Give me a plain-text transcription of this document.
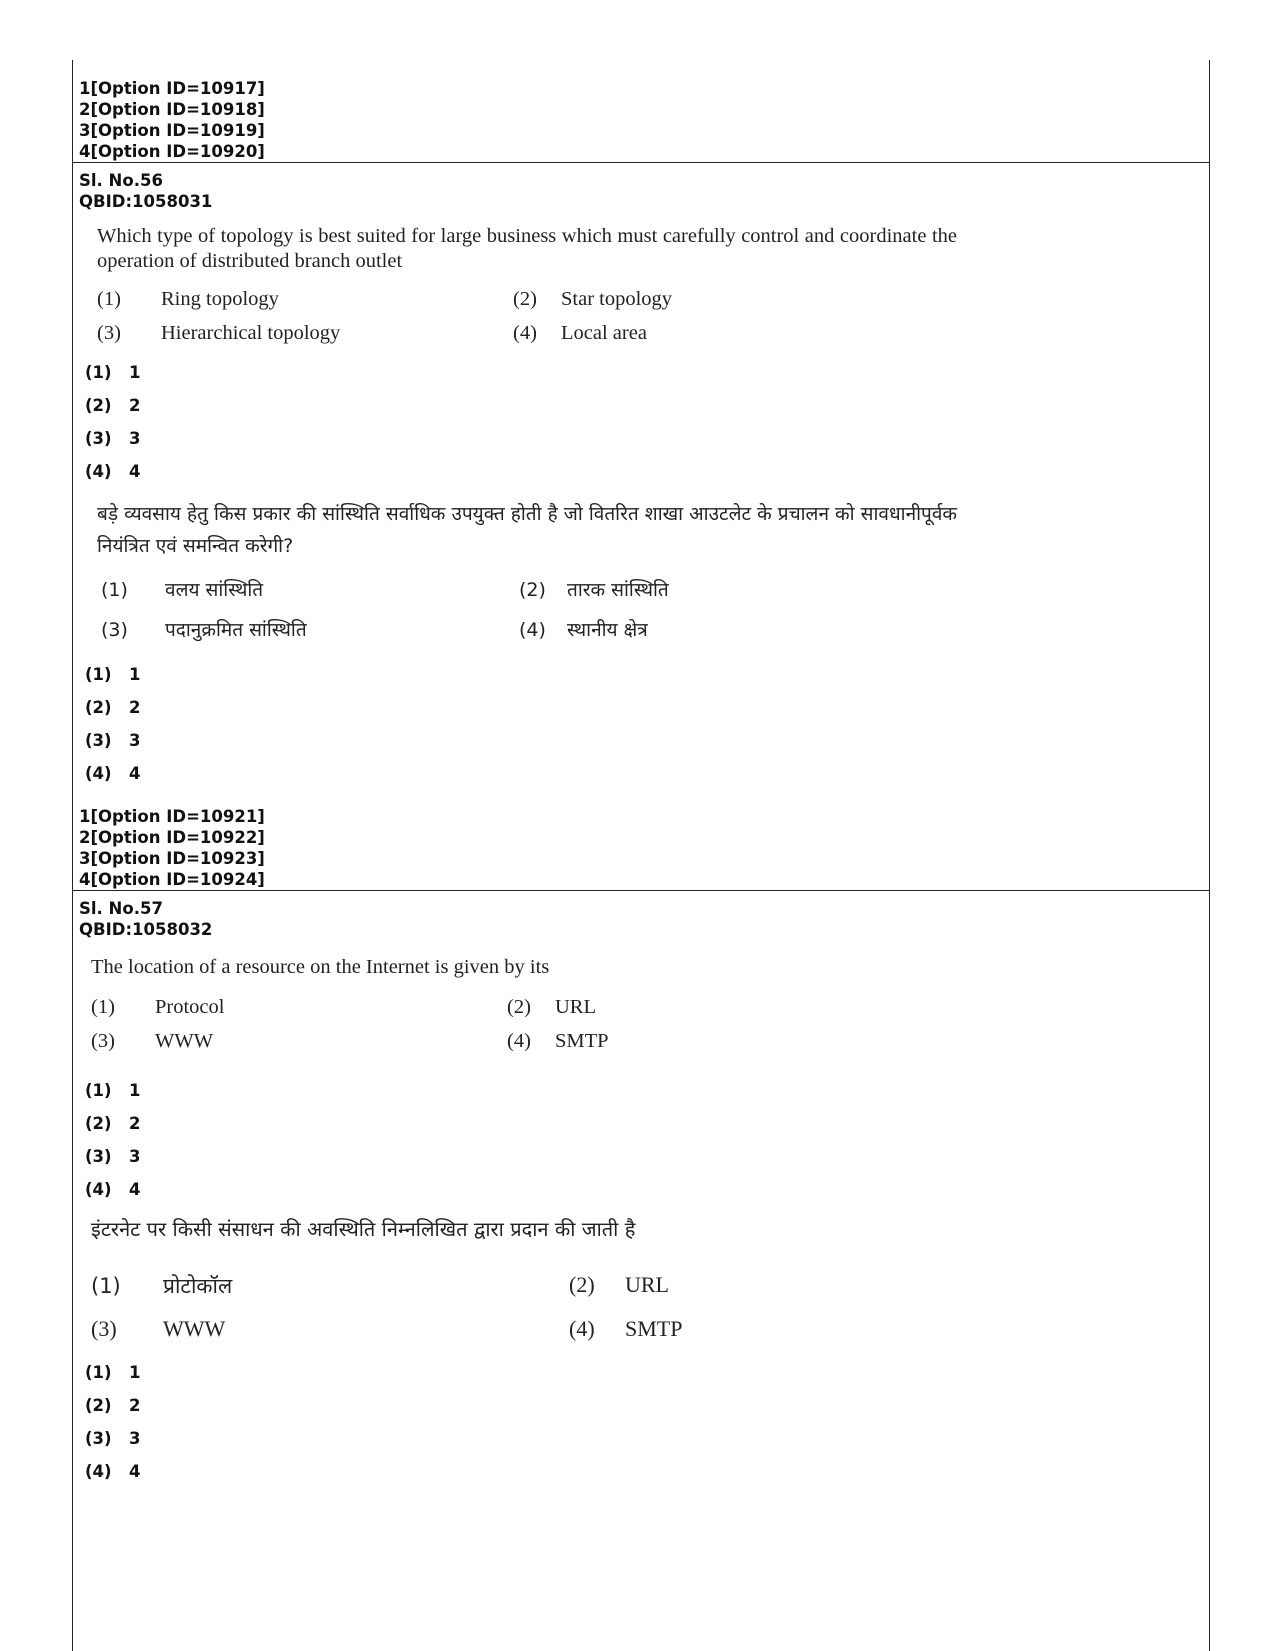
1[Option ID=10917]
2[Option ID=10918]
3[Option ID=10919]
4[Option ID=10920]
Sl. No.56
QBID:1058031
Which type of topology is best suited for large business which must carefully control and coordinate the operation of distributed branch outlet
(1) Ring topology	(2) Star topology
(3) Hierarchical topology	(4) Local area
(1) 1
(2) 2
(3) 3
(4) 4
बड़े व्यवसाय हेतु किस प्रकार की सांस्थिति सर्वाधिक उपयुक्त होती है जो वितरित शाखा आउटलेट के प्रचालन को सावधानीपूर्वक नियंत्रित एवं समन्वित करेगी?
(1) वलय सांस्थिति	(2) तारक सांस्थिति
(3) पदानुक्रमित सांस्थिति	(4) स्थानीय क्षेत्र
(1) 1
(2) 2
(3) 3
(4) 4
1[Option ID=10921]
2[Option ID=10922]
3[Option ID=10923]
4[Option ID=10924]
Sl. No.57
QBID:1058032
The location of a resource on the Internet is given by its
(1) Protocol	(2) URL
(3) WWW	(4) SMTP
(1) 1
(2) 2
(3) 3
(4) 4
इंटरनेट पर किसी संसाधन की अवस्थिति निम्नलिखित द्वारा प्रदान की जाती है
(1) प्रोटोकॉल	(2) URL
(3) WWW	(4) SMTP
(1) 1
(2) 2
(3) 3
(4) 4
